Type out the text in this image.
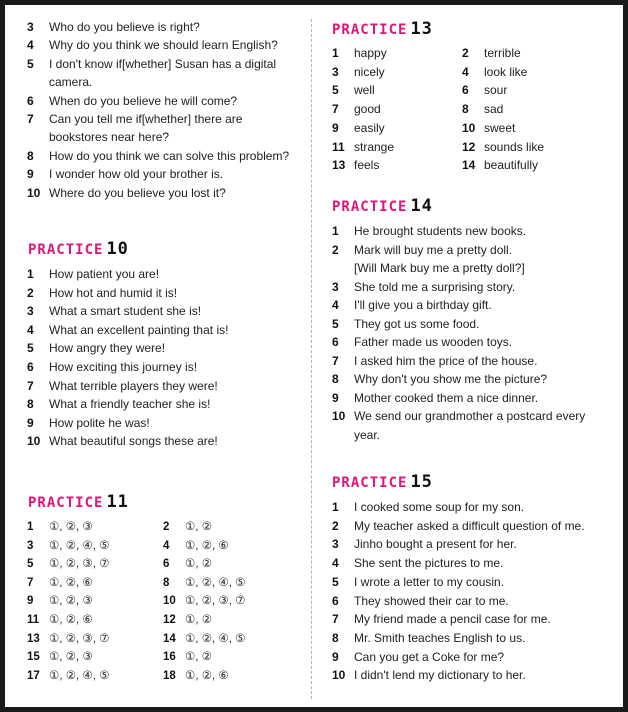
3	Who do you believe is right?
4	Why do you think we should learn English?
5	I don't know if[whether] Susan has a digital
camera.
6	When do you believe he will come?
7	Can you tell me if[whether] there are
bookstores near here?
8	How do you think we can solve this problem?
9	I wonder how old your brother is.
10 Where do you believe you lost it?
PRACTICE 10
1	How patient you are!
2	How hot and humid it is!
3	What a smart student she is!
4	What an excellent painting that is!
5	How angry they were!
6	How exciting this journey is!
7	What terrible players they were!
8	What a friendly teacher she is!
9	How polite he was!
10 What beautiful songs these are!
PRACTICE 11
1	①, ②, ③	2	①, ②
3	①, ②, ④, ⑤	4	①, ②, ⑥
5	①, ②, ③, ⑦	6	①, ②
7	①, ②, ⑥	8	①, ②, ④, ⑤
9	①, ②, ③	10 ①, ②, ③, ⑦
11 ①, ②, ⑥	12 ①, ②
13 ①, ②, ③, ⑦	14 ①, ②, ④, ⑤
15 ①, ②, ③	16 ①, ②
17 ①, ②, ④, ⑤	18 ①, ②, ⑥
PRACTICE 13
1	happy	2	terrible
3	nicely	4	look like
5	well	6	sour
7	good	8	sad
9	easily	10 sweet
11 strange	12 sounds like
13 feels	14 beautifully
PRACTICE 14
1	He brought students new books.
2	Mark will buy me a pretty doll.
[Will Mark buy me a pretty doll?]
3	She told me a surprising story.
4	I'll give you a birthday gift.
5	They got us some food.
6	Father made us wooden toys.
7	I asked him the price of the house.
8	Why don't you show me the picture?
9	Mother cooked them a nice dinner.
10 We send our grandmother a postcard every
year.
PRACTICE 15
1	I cooked some soup for my son.
2	My teacher asked a difficult question of me.
3	Jinho bought a present for her.
4	She sent the pictures to me.
5	I wrote a letter to my cousin.
6	They showed their car to me.
7	My friend made a pencil case for me.
8	Mr. Smith teaches English to us.
9	Can you get a Coke for me?
10 I didn't lend my dictionary to her.
